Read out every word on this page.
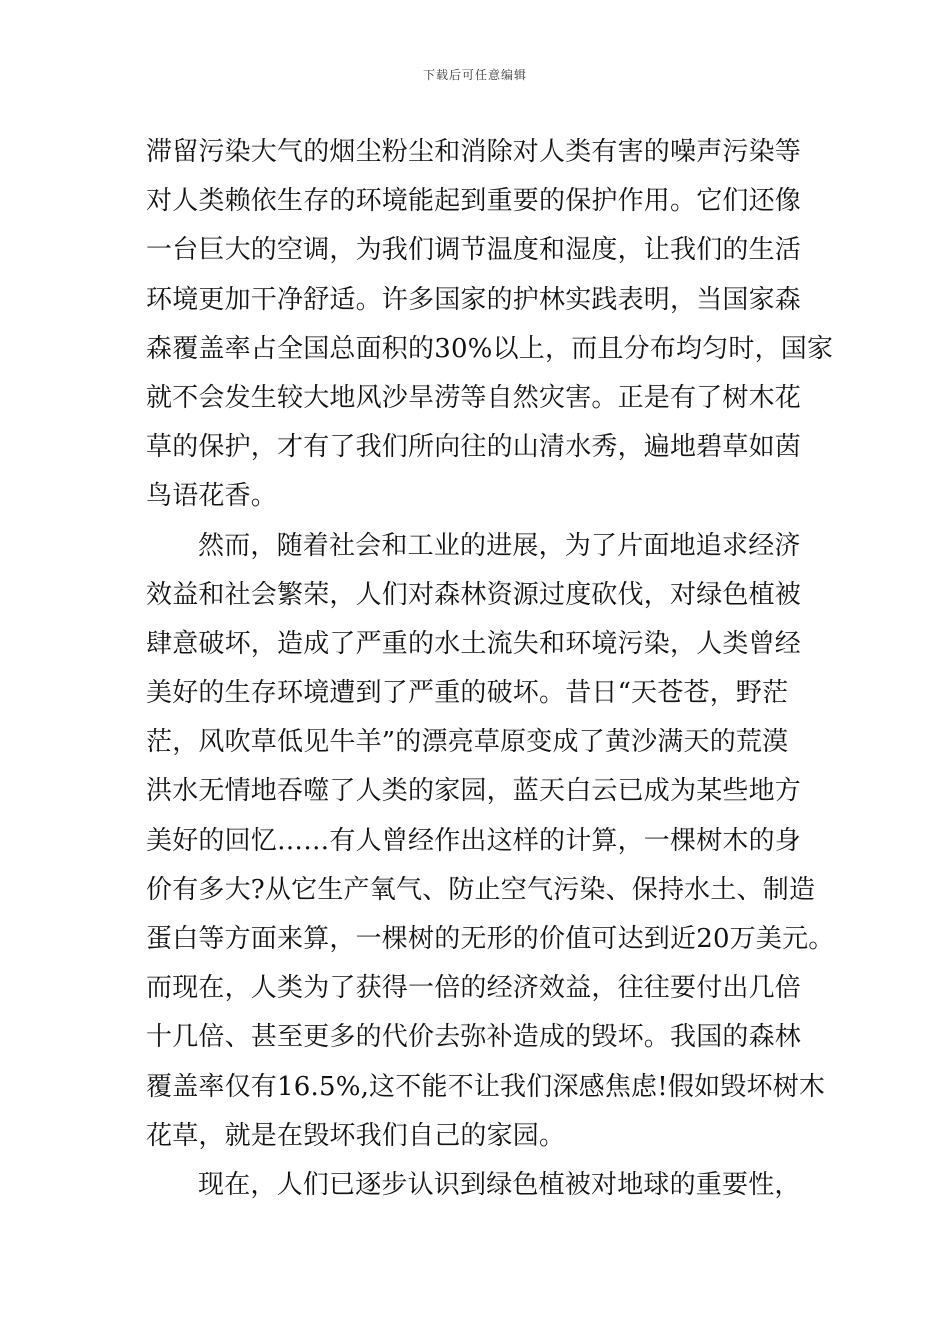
下载后可任意编辑
滞留污染大气的烟尘粉尘和消除对人类有害的噪声污染等
对人类赖依生存的环境能起到重要的保护作用。它们还像
一台巨大的空调，为我们调节温度和湿度，让我们的生活
环境更加干净舒适。许多国家的护林实践表明，当国家森
森覆盖率占全国总面积的30%以上，而且分布均匀时，国家
就不会发生较大地风沙旱涝等自然灾害。正是有了树木花
草的保护，才有了我们所向往的山清水秀，遍地碧草如茵
鸟语花香。
然而，随着社会和工业的进展，为了片面地追求经济
效益和社会繁荣，人们对森林资源过度砍伐，对绿色植被
肆意破坏，造成了严重的水土流失和环境污染，人类曾经
美好的生存环境遭到了严重的破坏。昔日“天苍苍，野茫
茫，风吹草低见牛羊”的漂亮草原变成了黄沙满天的荒漠
洪水无情地吞噬了人类的家园，蓝天白云已成为某些地方
美好的回忆……有人曾经作出这样的计算，一棵树木的身
价有多大?从它生产氧气、防止空气污染、保持水土、制造
蛋白等方面来算，一棵树的无形的价值可达到近20万美元。
而现在，人类为了获得一倍的经济效益，往往要付出几倍
十几倍、甚至更多的代价去弥补造成的毁坏。我国的森林
覆盖率仅有16.5%,这不能不让我们深感焦虑!假如毁坏树木
花草，就是在毁坏我们自己的家园。
现在，人们已逐步认识到绿色植被对地球的重要性，
